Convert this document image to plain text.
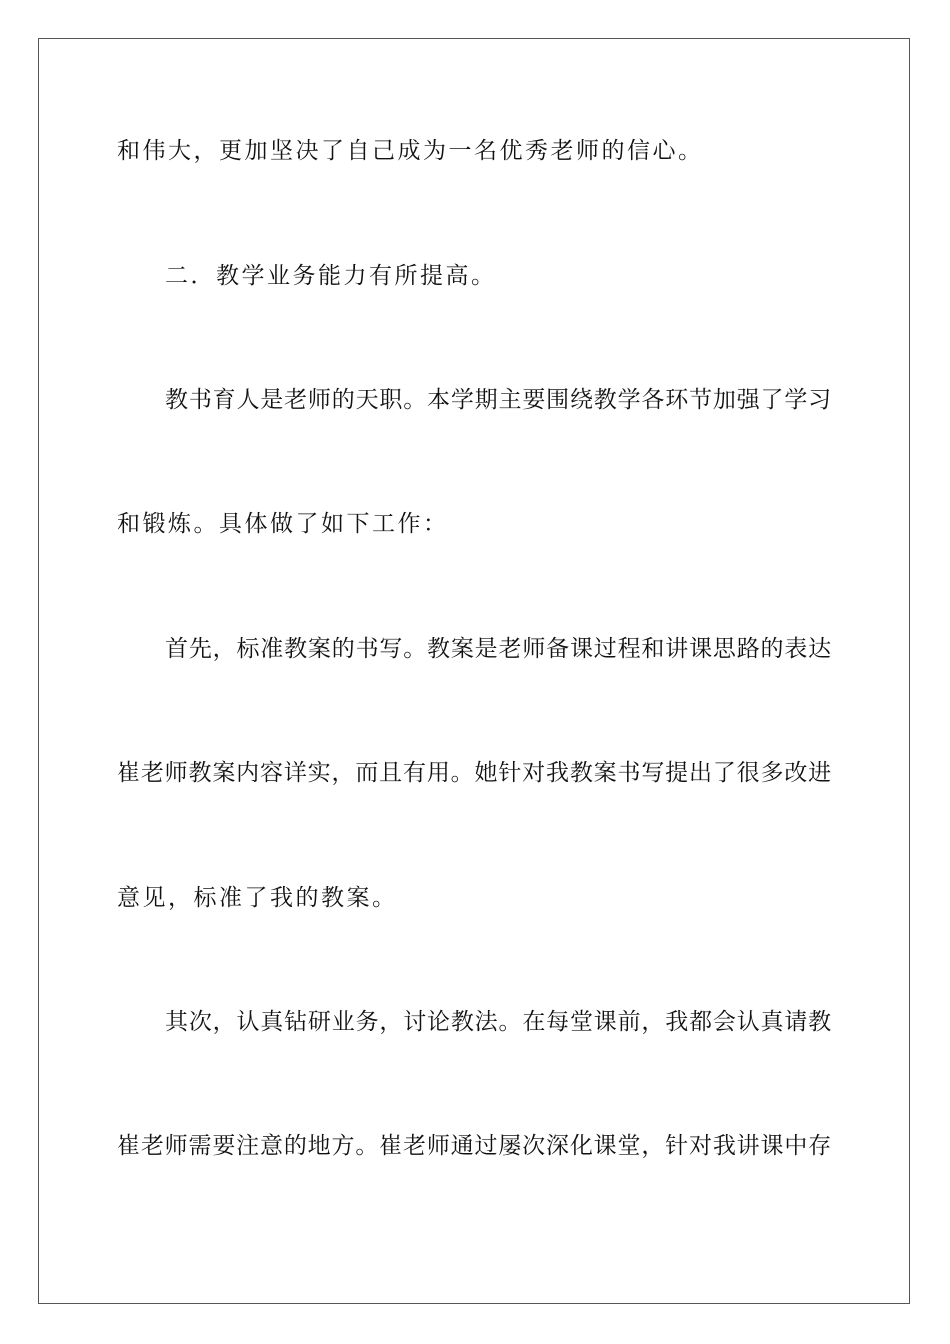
和伟大，更加坚决了自己成为一名优秀老师的信心。
二．教学业务能力有所提高。
教书育人是老师的天职。本学期主要围绕教学各环节加强了学习
和锻炼。具体做了如下工作：
首先，标准教案的书写。教案是老师备课过程和讲课思路的表达
崔老师教案内容详实，而且有用。她针对我教案书写提出了很多改进
意见，标准了我的教案。
其次，认真钻研业务，讨论教法。在每堂课前，我都会认真请教
崔老师需要注意的地方。崔老师通过屡次深化课堂，针对我讲课中存
